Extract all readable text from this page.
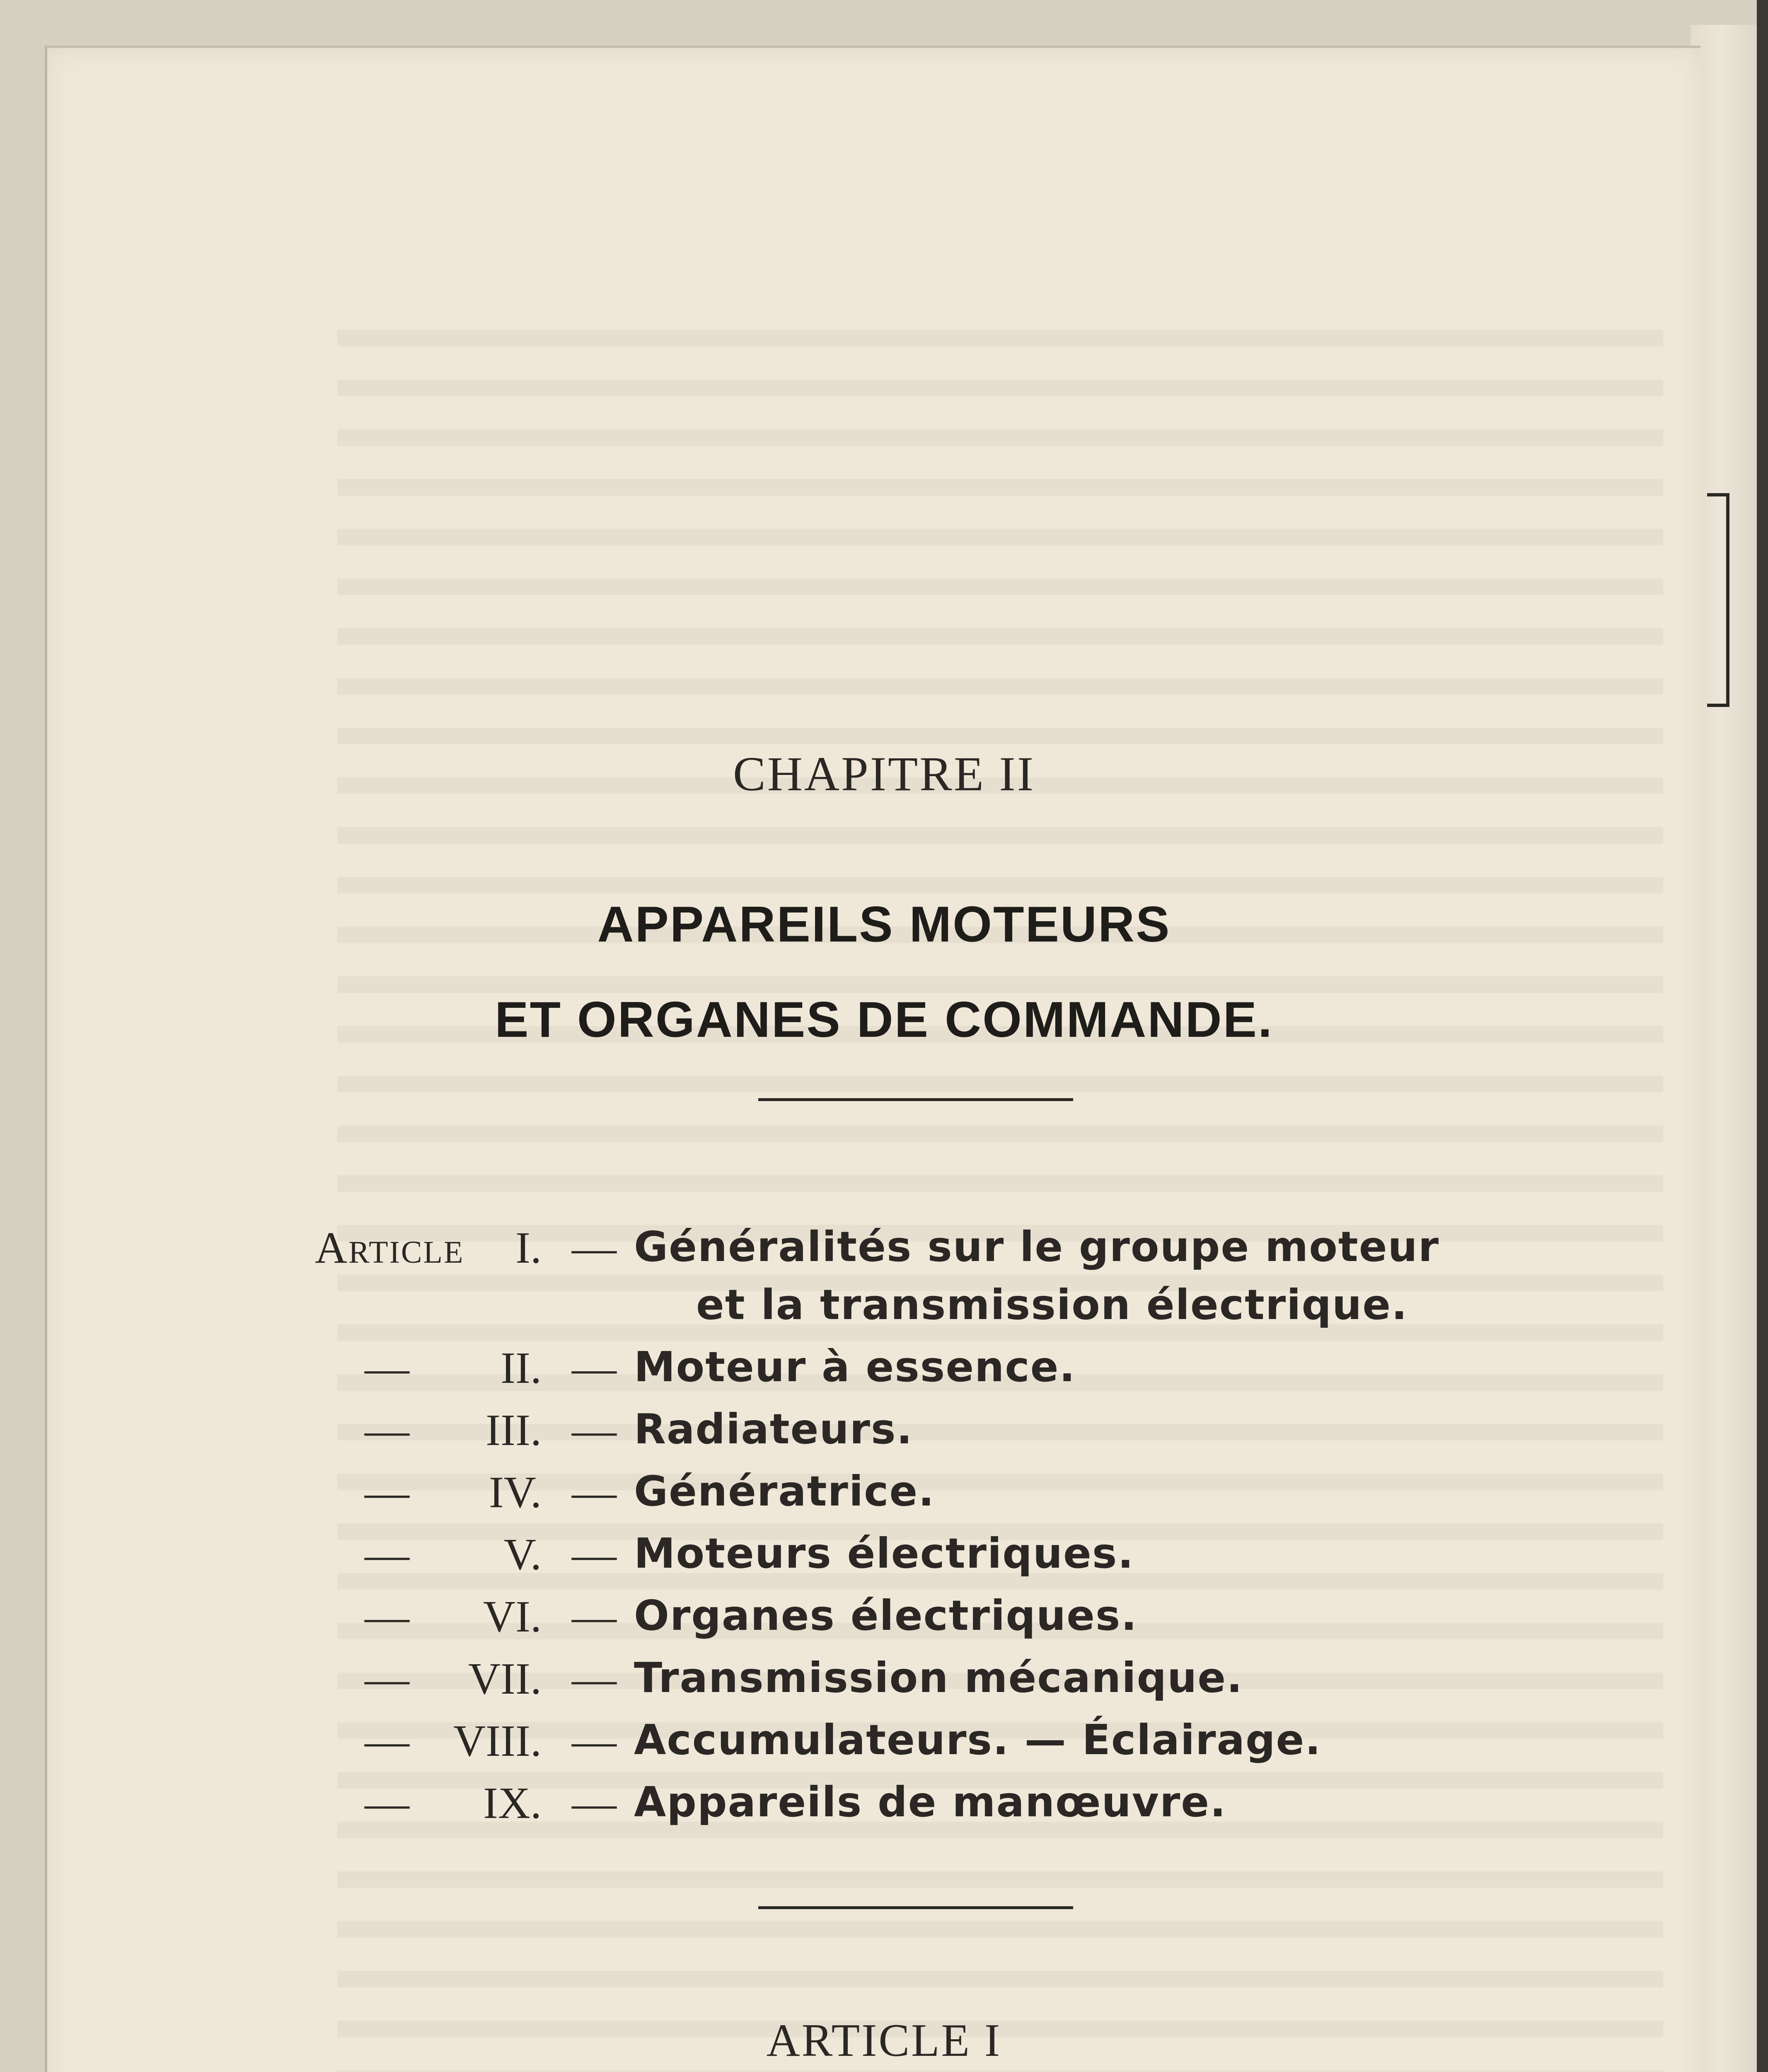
CHAPITRE II
APPAREILS MOTEURS
ET ORGANES DE COMMANDE.
Article I. — Généralités sur le groupe moteur
et la transmission électrique.
— II. — Moteur à essence.
— III. — Radiateurs.
— IV. — Génératrice.
— V. — Moteurs électriques.
— VI. — Organes électriques.
— VII. — Transmission mécanique.
— VIII. — Accumulateurs. — Éclairage.
— IX. — Appareils de manœuvre.
ARTICLE I
